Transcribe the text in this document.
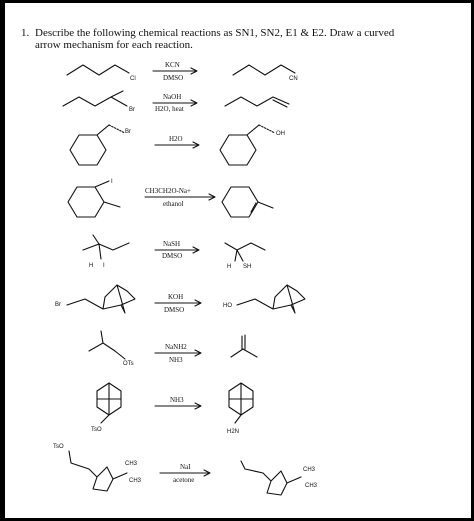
1. Describe the following chemical reactions as SN1, SN2, E1 & E2. Draw a curved
arrow mechanism for each reaction.
KCN
DMSO
NaOH
H2O, heat
H2O
CH3CH2O-Na+
ethanol
NaSH
DMSO
KOH
DMSO
NaNH2
NH3
NH3
NaI
acetone
Cl	CN
Br
Br	OH
I
H I	H SH
Br	HO
OTs
TsO	H2N
TsO
CH3
CH3
CH3
CH3
